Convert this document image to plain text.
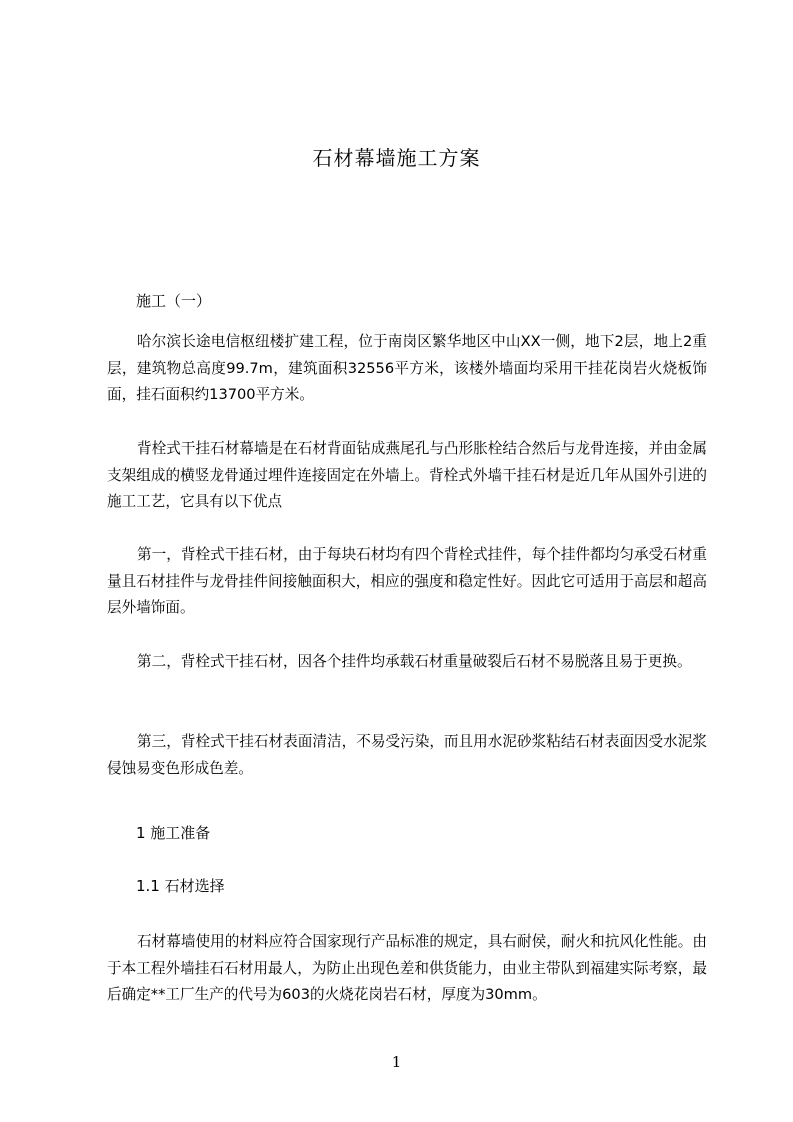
石材幕墙施工方案
施工（一）

哈尔滨长途电信枢纽楼扩建工程，位于南岗区繁华地区中山XX一侧，地下2层，地上2重层，建筑物总高度99.7m，建筑面积32556平方米，该楼外墙面均采用干挂花岗岩火烧板饰面，挂石面积约13700平方米。

背栓式干挂石材幕墙是在石材背面钻成燕尾孔与凸形胀栓结合然后与龙骨连接，并由金属支架组成的横竖龙骨通过埋件连接固定在外墙上。背栓式外墙干挂石材是近几年从国外引进的施工工艺，它具有以下优点

第一，背栓式干挂石材，由于每块石材均有四个背栓式挂件，每个挂件都均匀承受石材重量且石材挂件与龙骨挂件间接触面积大，相应的强度和稳定性好。因此它可适用于高层和超高层外墙饰面。

第二，背栓式干挂石材，因各个挂件均承载石材重量破裂后石材不易脱落且易于更换。

第三，背栓式干挂石材表面清洁，不易受污染，而且用水泥砂浆粘结石材表面因受水泥浆侵蚀易变色形成色差。

1 施工准备
1.1 石材选择

石材幕墙使用的材料应符合国家现行产品标准的规定，具右耐侯，耐火和抗风化性能。由于本工程外墙挂石石材用最人，为防止出现色差和供货能力，由业主带队到福建实际考察，最后确定**工厂生产的代号为603的火烧花岗岩石材，厚度为30mm。

1
